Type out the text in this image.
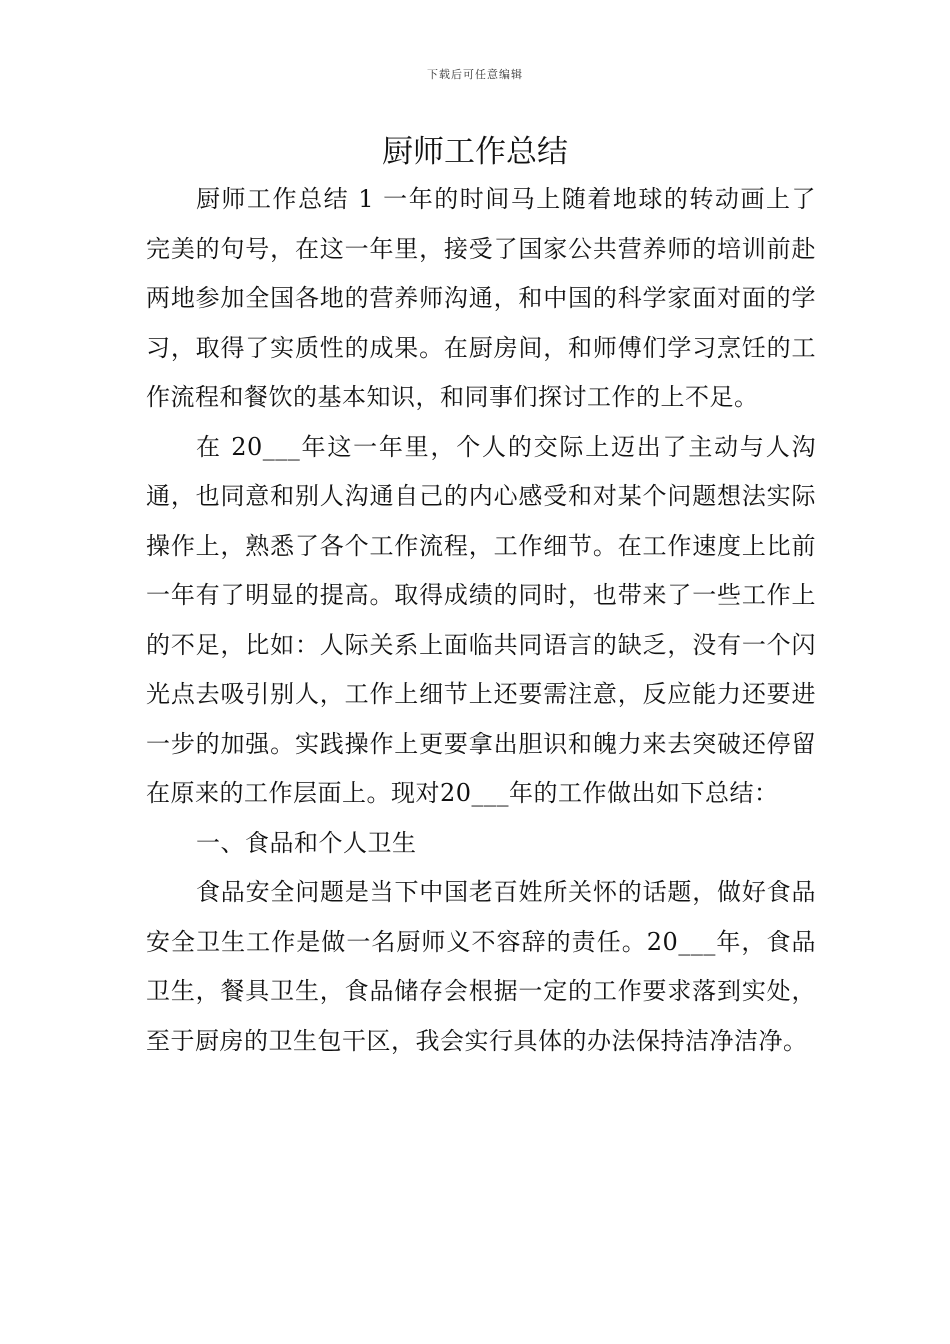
下载后可任意编辑
厨师工作总结

厨师工作总结 1 一年的时间马上随着地球的转动画上了完美的句号，在这一年里，接受了国家公共营养师的培训前赴两地参加全国各地的营养师沟通，和中国的科学家面对面的学习，取得了实质性的成果。在厨房间，和师傅们学习烹饪的工作流程和餐饮的基本知识，和同事们探讨工作的上不足。

在 20___年这一年里，个人的交际上迈出了主动与人沟通，也同意和别人沟通自己的内心感受和对某个问题想法实际操作上，熟悉了各个工作流程，工作细节。在工作速度上比前一年有了明显的提高。取得成绩的同时，也带来了一些工作上的不足，比如：人际关系上面临共同语言的缺乏，没有一个闪光点去吸引别人，工作上细节上还要需注意，反应能力还要进一步的加强。实践操作上更要拿出胆识和魄力来去突破还停留在原来的工作层面上。现对20___年的工作做出如下总结：

一、食品和个人卫生

食品安全问题是当下中国老百姓所关怀的话题，做好食品安全卫生工作是做一名厨师义不容辞的责任。20___年，食品卫生，餐具卫生，食品储存会根据一定的工作要求落到实处，至于厨房的卫生包干区，我会实行具体的办法保持洁净洁净。
